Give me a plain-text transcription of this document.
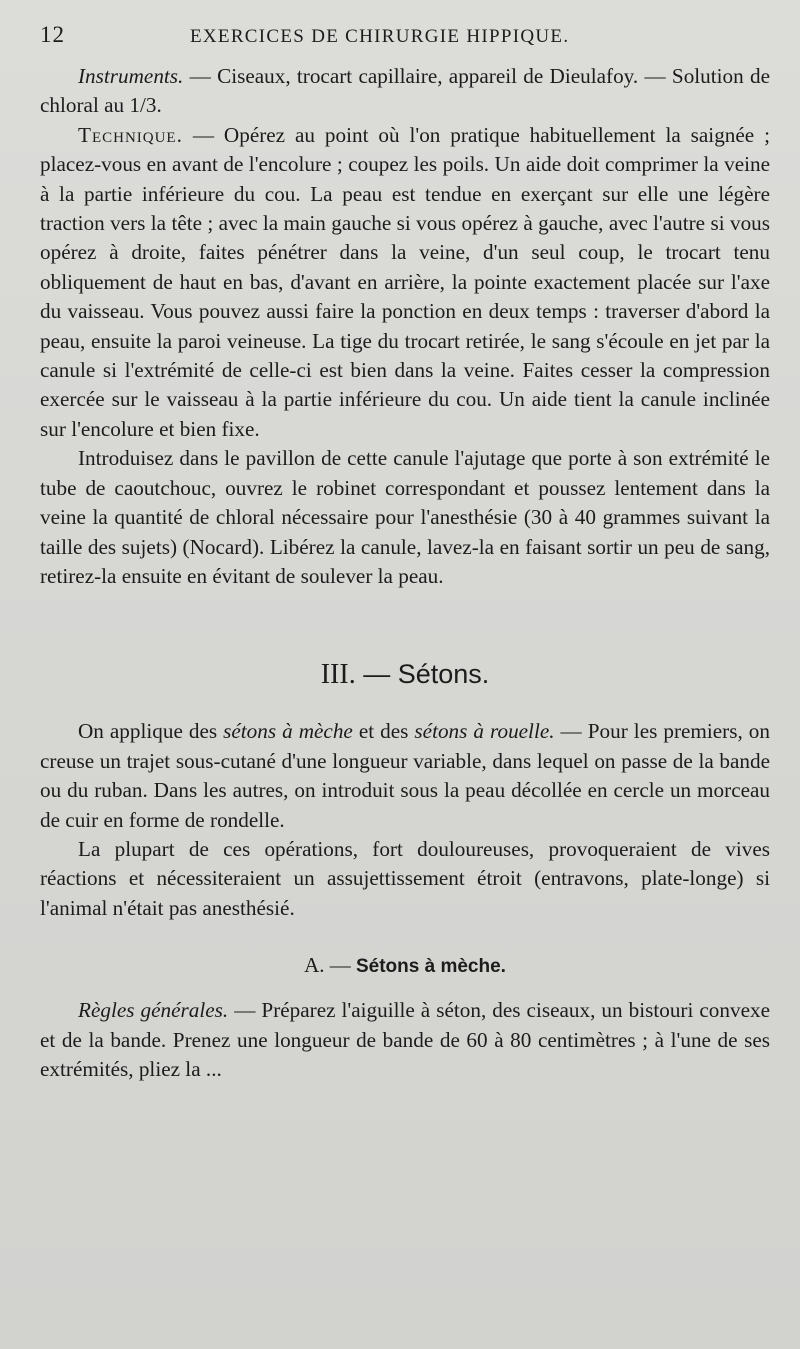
12	EXERCICES DE CHIRURGIE HIPPIQUE.

Instruments. — Ciseaux, trocart capillaire, appareil de Dieulafoy. — Solution de chloral au 1/3.

Technique. — Opérez au point où l'on pratique habituellement la saignée ; placez-vous en avant de l'encolure ; coupez les poils. Un aide doit comprimer la veine à la partie inférieure du cou. La peau est tendue en exerçant sur elle une légère traction vers la tête ; avec la main gauche si vous opérez à gauche, avec l'autre si vous opérez à droite, faites pénétrer dans la veine, d'un seul coup, le trocart tenu obliquement de haut en bas, d'avant en arrière, la pointe exactement placée sur l'axe du vaisseau. Vous pouvez aussi faire la ponction en deux temps : traverser d'abord la peau, ensuite la paroi veineuse. La tige du trocart retirée, le sang s'écoule en jet par la canule si l'extrémité de celle-ci est bien dans la veine. Faites cesser la compression exercée sur le vaisseau à la partie inférieure du cou. Un aide tient la canule inclinée sur l'encolure et bien fixe.

Introduisez dans le pavillon de cette canule l'ajutage que porte à son extrémité le tube de caoutchouc, ouvrez le robinet correspondant et poussez lentement dans la veine la quantité de chloral nécessaire pour l'anesthésie (30 à 40 grammes suivant la taille des sujets) (Nocard). Libérez la canule, lavez-la en faisant sortir un peu de sang, retirez-la ensuite en évitant de soulever la peau.

III. — Sétons.

On applique des sétons à mèche et des sétons à rouelle. — Pour les premiers, on creuse un trajet sous-cutané d'une longueur variable, dans lequel on passe de la bande ou du ruban. Dans les autres, on introduit sous la peau décollée en cercle un morceau de cuir en forme de rondelle.

La plupart de ces opérations, fort douloureuses, provoqueraient de vives réactions et nécessiteraient un assujettissement étroit (entravons, plate-longe) si l'animal n'était pas anesthésié.

A. — Sétons à mèche.

Règles générales. — Préparez l'aiguille à séton, des ciseaux, un bistouri convexe et de la bande. Prenez une longueur de bande de 60 à 80 centimètres ; à l'une de ses extrémités, pliez la ...
